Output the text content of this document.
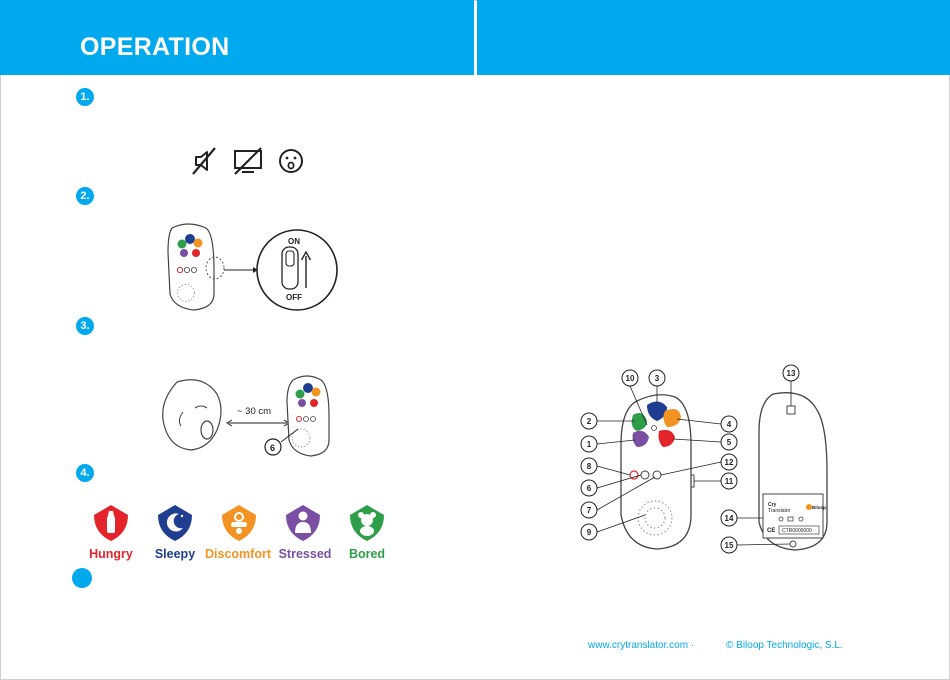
OPERATION
1.
2.
3.
4.
ON
OFF
~ 30 cm
6
Hungry	Sleepy Discomfort Stressed	Bored
10	3
2	4
1	5
8	12
6
11
7
9
Cry
Translator
Biloop
CE CTR0000000
13
14
15
www.crytranslator.com ·	© Biloop Technologic, S.L.
